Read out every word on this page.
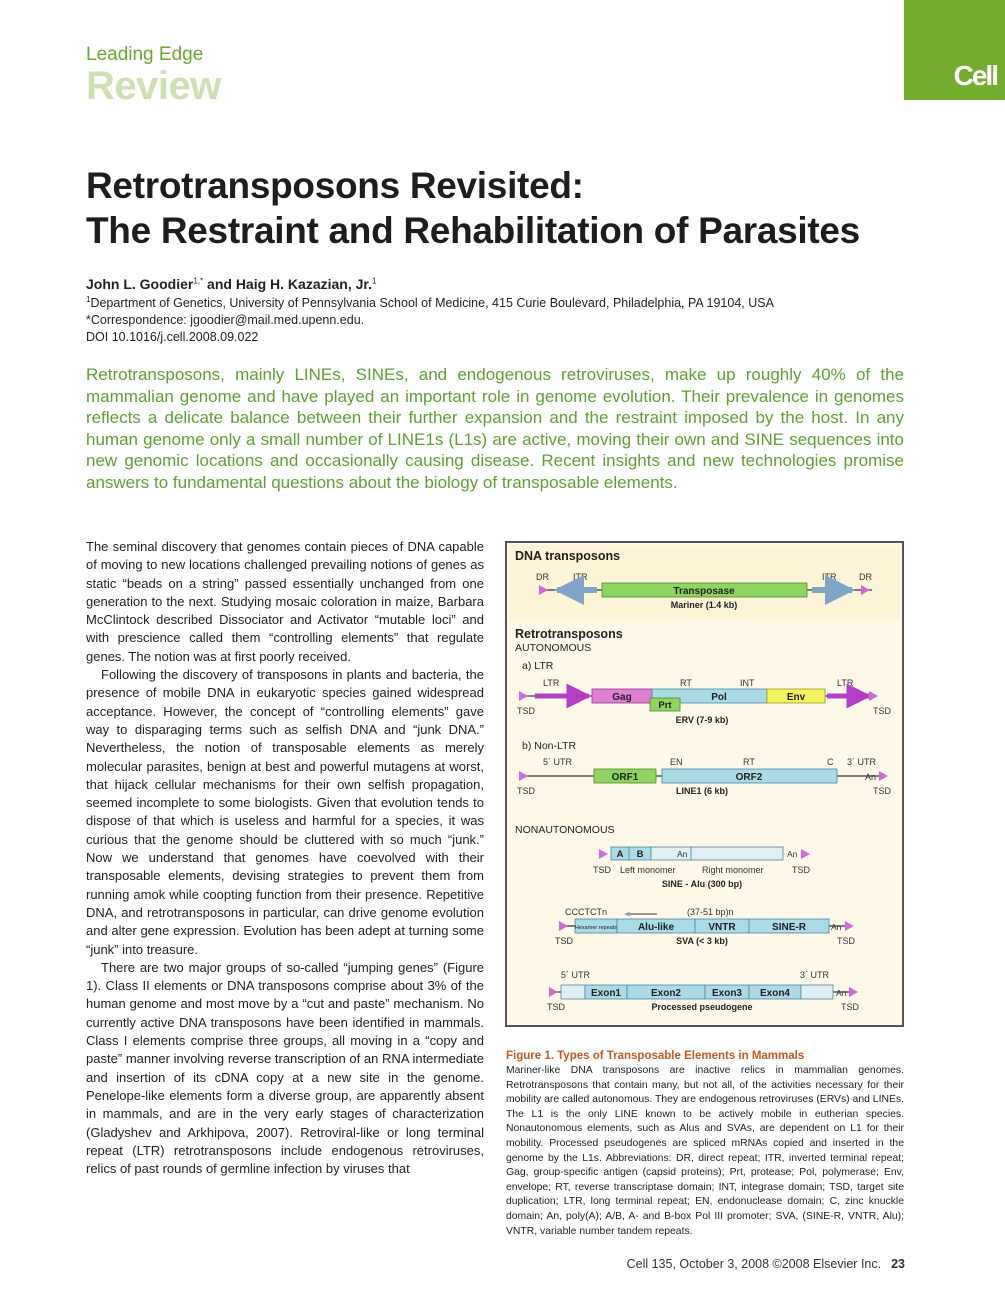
Leading Edge
Review	Cell
Retrotransposons Revisited:
The Restraint and Rehabilitation of Parasites
John L. Goodier$^{1,*}$ and Haig H. Kazazian, Jr.$^1$
$^1$Department of Genetics, University of Pennsylvania School of Medicine, 415 Curie Boulevard, Philadelphia, PA 19104, USA
*Correspondence: jgoodier@mail.med.upenn.edu.
DOI 10.1016/j.cell.2008.09.022
Retrotransposons, mainly LINEs, SINEs, and endogenous retroviruses, make up roughly 40% of the mammalian genome and have played an important role in genome evolution. Their prevalence in genomes reflects a delicate balance between their further expansion and the restraint imposed by the host. In any human genome only a small number of LINE1s (L1s) are active, moving their own and SINE sequences into new genomic locations and occasionally causing disease. Recent insights and new technologies promise answers to fundamental questions about the biology of transposable elements.

The seminal discovery that genomes contain pieces of DNA capable of moving to new locations challenged prevailing notions of genes as static “beads on a string” passed essentially unchanged from one generation to the next. Studying mosaic coloration in maize, Barbara McClintock described Dissociator and Activator “mutable loci” and with prescience called them “controlling elements” that regulate genes. The notion was at first poorly received.

Following the discovery of transposons in plants and bacteria, the presence of mobile DNA in eukaryotic species gained widespread acceptance. However, the concept of “controlling elements” gave way to disparaging terms such as selfish DNA and “junk DNA.” Nevertheless, the notion of transposable elements as merely molecular parasites, benign at best and powerful mutagens at worst, that hijack cellular mechanisms for their own selfish propagation, seemed incomplete to some biologists. Given that evolution tends to dispose of that which is useless and harmful for a species, it was curious that the genome should be cluttered with so much “junk.” Now we understand that genomes have coevolved with their transposable elements, devising strategies to prevent them from running amok while coopting function from their presence. Repetitive DNA, and retrotransposons in particular, can drive genome evolution and alter gene expression. Evolution has been adept at turning some “junk” into treasure.

There are two major groups of so-called “jumping genes” (Figure 1). Class II elements or DNA transposons comprise about 3% of the human genome and most move by a “cut and paste” mechanism. No currently active DNA transposons have been identified in mammals. Class I elements comprise three groups, all moving in a “copy and paste” manner involving reverse transcription of an RNA intermediate and insertion of its cDNA copy at a new site in the genome. Penelope-like elements form a diverse group, are apparently absent in mammals, and are in the very early stages of characterization (Gladyshev and Arkhipova, 2007). Retroviral-like or long terminal repeat (LTR) retrotransposons include endogenous retroviruses, relics of past rounds of germline infection by viruses that

DNA transposons
DR	ITR	ITR	DR
Transposase
Mariner (1.4 kb)
Retrotransposons
AUTONOMOUS
a) LTR
LTR	RT	INT	LTR
Gag	Pol
Prt
Env
TSD	TSD
ERV (7-9 kb)
b) Non-LTR
5´ UTR	EN	RT	C 3´ UTR
ORF1	ORF2	An
TSD	TSD
LINE1 (6 kb)
NONAUTONOMOUS
A B	An	An
TSD Left monomer	Right monomer	TSD
SINE - Alu (300 bp)
CCCTCTn	(37-51 bp)n
Hexamer repeats Alu-like	VNTR	SINE-R	An
TSD	TSD
SVA (< 3 kb)
5´ UTR	3´ UTR
Exon1	Exon2	Exon3 Exon4	An
TSD	TSD
Processed pseudogene
Figure 1. Types of Transposable Elements in Mammals
Mariner-like DNA transposons are inactive relics in mammalian genomes. Retrotransposons that contain many, but not all, of the activities necessary for their mobility are called autonomous. They are endogenous retroviruses (ERVs) and LINEs. The L1 is the only LINE known to be actively mobile in eutherian species. Nonautonomous elements, such as Alus and SVAs, are dependent on L1 for their mobility. Processed pseudogenes are spliced mRNAs copied and inserted in the genome by the L1s. Abbreviations: DR, direct repeat; ITR, inverted terminal repeat; Gag, group-specific antigen (capsid proteins); Prt, protease; Pol, polymerase; Env, envelope; RT, reverse transcriptase domain; INT, integrase domain; TSD, target site duplication; LTR, long terminal repeat; EN, endonuclease domain; C, zinc knuckle domain; An, poly(A); A/B, A- and B-box Pol III promoter; SVA, (SINE-R, VNTR, Alu); VNTR, variable number tandem repeats.
Cell 135, October 3, 2008 ©2008 Elsevier Inc. 23
